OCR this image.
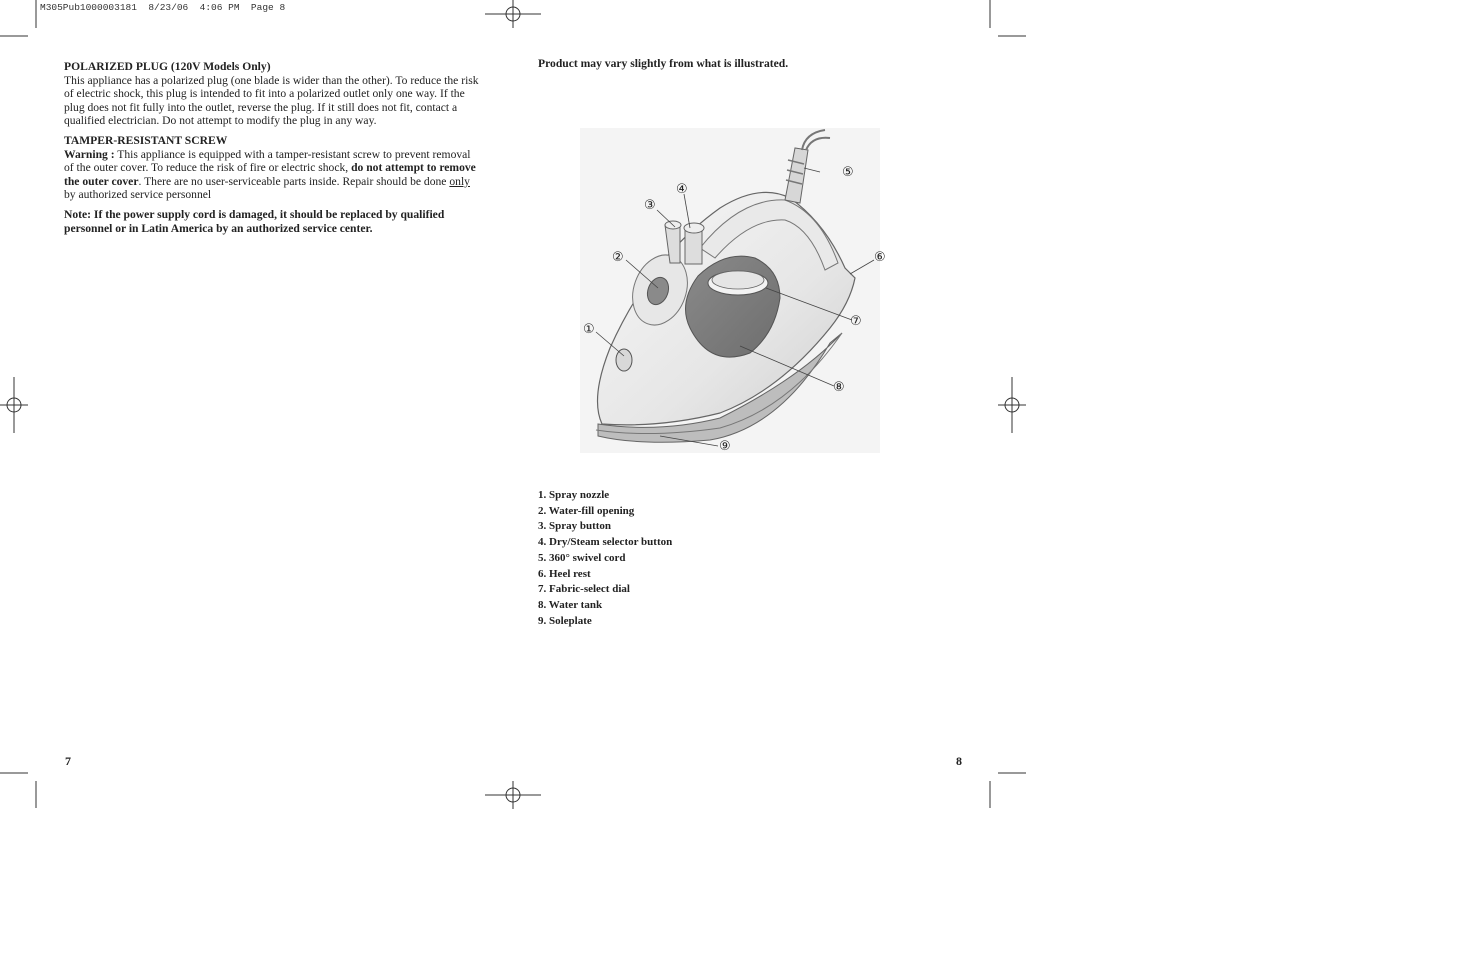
M305Pub1000003181  8/23/06  4:06 PM  Page 8
POLARIZED PLUG (120V Models Only)

This appliance has a polarized plug (one blade is wider than the other). To reduce the risk of electric shock, this plug is intended to fit into a polarized outlet only one way. If the plug does not fit fully into the outlet, reverse the plug. If it still does not fit, contact a qualified electrician. Do not attempt to modify the plug in any way.

TAMPER-RESISTANT SCREW

Warning : This appliance is equipped with a tamper-resistant screw to prevent removal of the outer cover. To reduce the risk of fire or electric shock, do not attempt to remove the outer cover. There are no user-serviceable parts inside. Repair should be done only by authorized service personnel

Note: If the power supply cord is damaged, it should be replaced by qualified personnel or in Latin America by an authorized service center.

Product may vary slightly from what is illustrated.
①
②
③
④
⑤
⑥
⑦
⑧
⑨
1. Spray nozzle
2. Water-fill opening
3. Spray button
4. Dry/Steam selector button
5. 360° swivel cord
6. Heel rest
7. Fabric-select dial
8. Water tank
9. Soleplate
7	8
